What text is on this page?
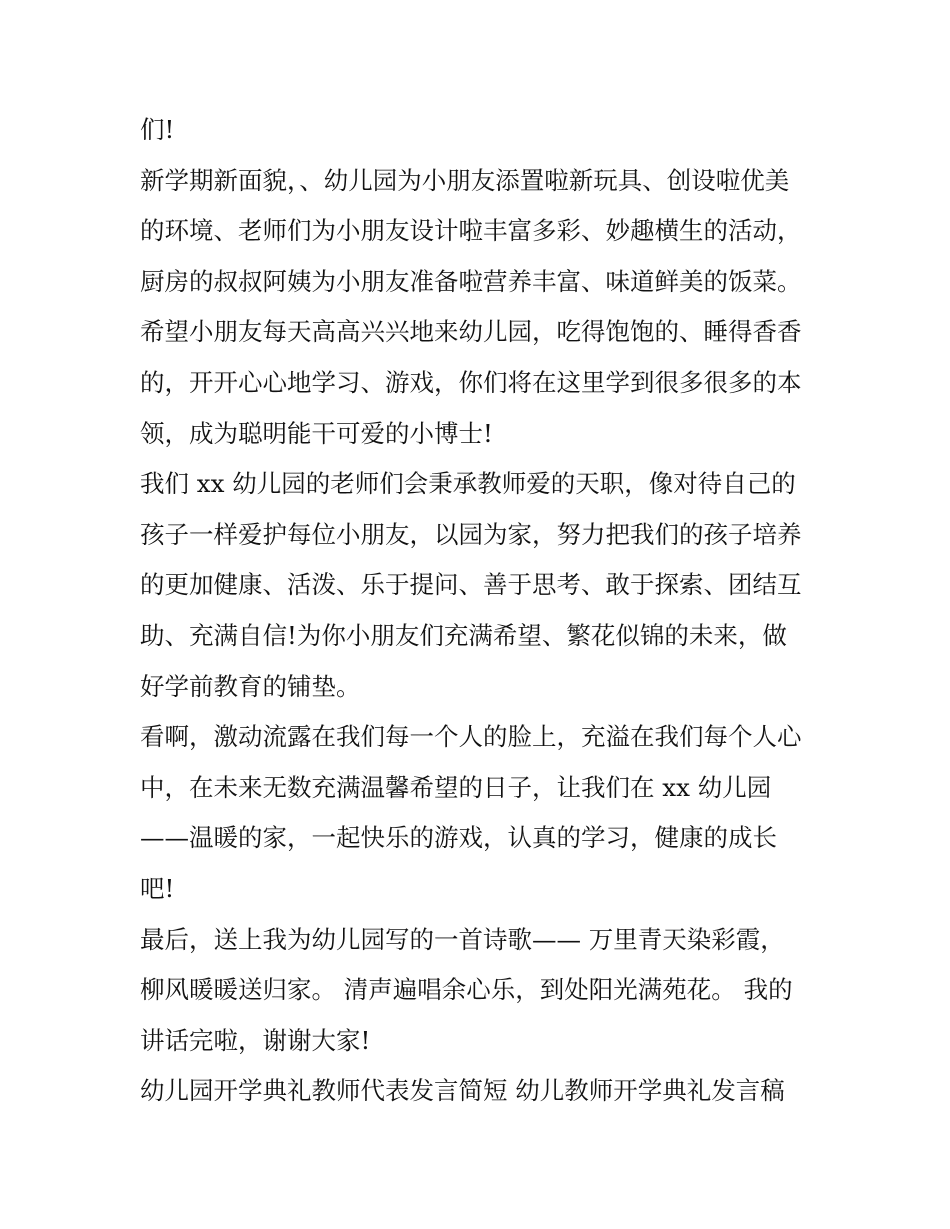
们!
新学期新面貌，、幼儿园为小朋友添置啦新玩具、创设啦优美
的环境、老师们为小朋友设计啦丰富多彩、妙趣横生的活动，
厨房的叔叔阿姨为小朋友准备啦营养丰富、味道鲜美的饭菜。
希望小朋友每天高高兴兴地来幼儿园，吃得饱饱的、睡得香香
的，开开心心地学习、游戏，你们将在这里学到很多很多的本
领，成为聪明能干可爱的小博士!
我们 xx 幼儿园的老师们会秉承教师爱的天职，像对待自己的
孩子一样爱护每位小朋友，以园为家，努力把我们的孩子培养
的更加健康、活泼、乐于提问、善于思考、敢于探索、团结互
助、充满自信!为你小朋友们充满希望、繁花似锦的未来，做
好学前教育的铺垫。
看啊，激动流露在我们每一个人的脸上，充溢在我们每个人心
中，在未来无数充满温馨希望的日子，让我们在 xx 幼儿园
——温暖的家，一起快乐的游戏，认真的学习，健康的成长
吧!
最后，送上我为幼儿园写的一首诗歌—— 万里青天染彩霞，
柳风暖暖送归家。 清声遍唱余心乐，到处阳光满苑花。 我的
讲话完啦，谢谢大家!
幼儿园开学典礼教师代表发言简短 幼儿教师开学典礼发言稿
